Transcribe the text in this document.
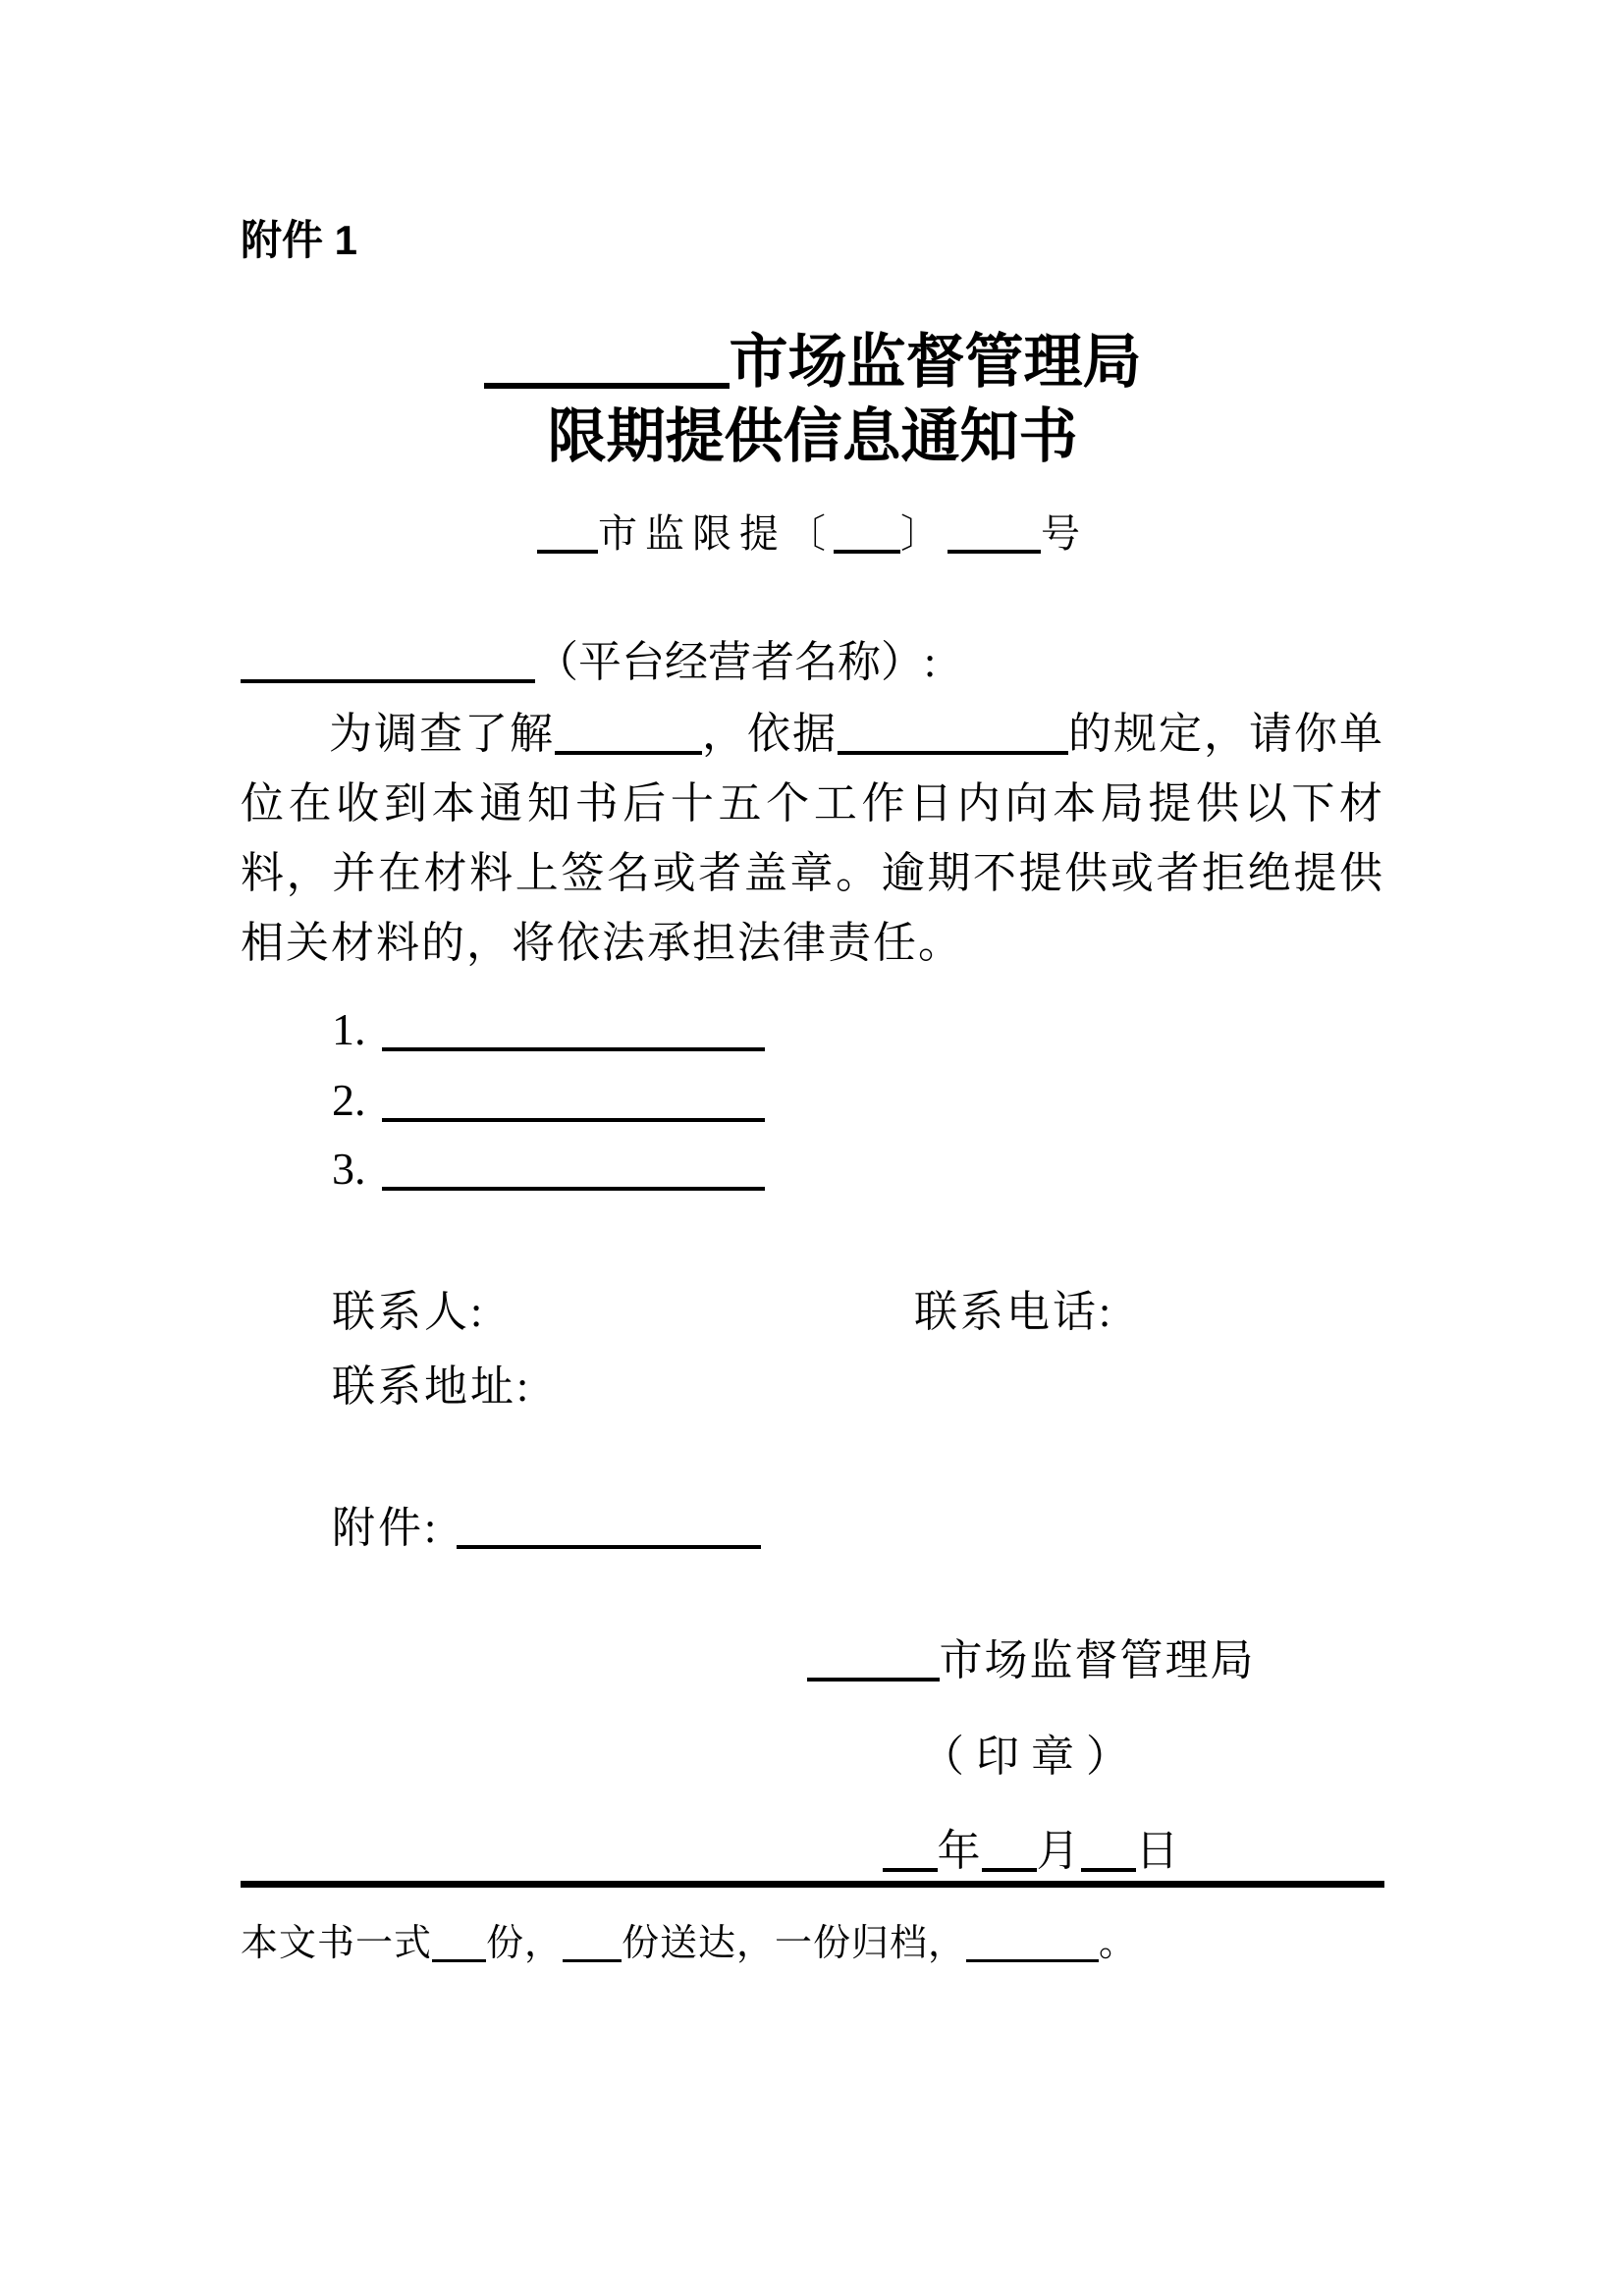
附件 1
市场监督管理局
限期提供信息通知书
市监限提〔 〕 号
（平台经营者名称）:
为调查了解	，依据	的规定，请你单位在收到本通知书后十五个工作日内向本局提供以下材料，并在材料上签名或者盖章。逾期不提供或者拒绝提供相关材料的，将依法承担法律责任。
1.
2.
3.
联系人:	联系电话:
联系地址:
附件:
市场监督管理局
（印章）
年 月 日
本文书一式 份， 份送达，一份归档，	。
